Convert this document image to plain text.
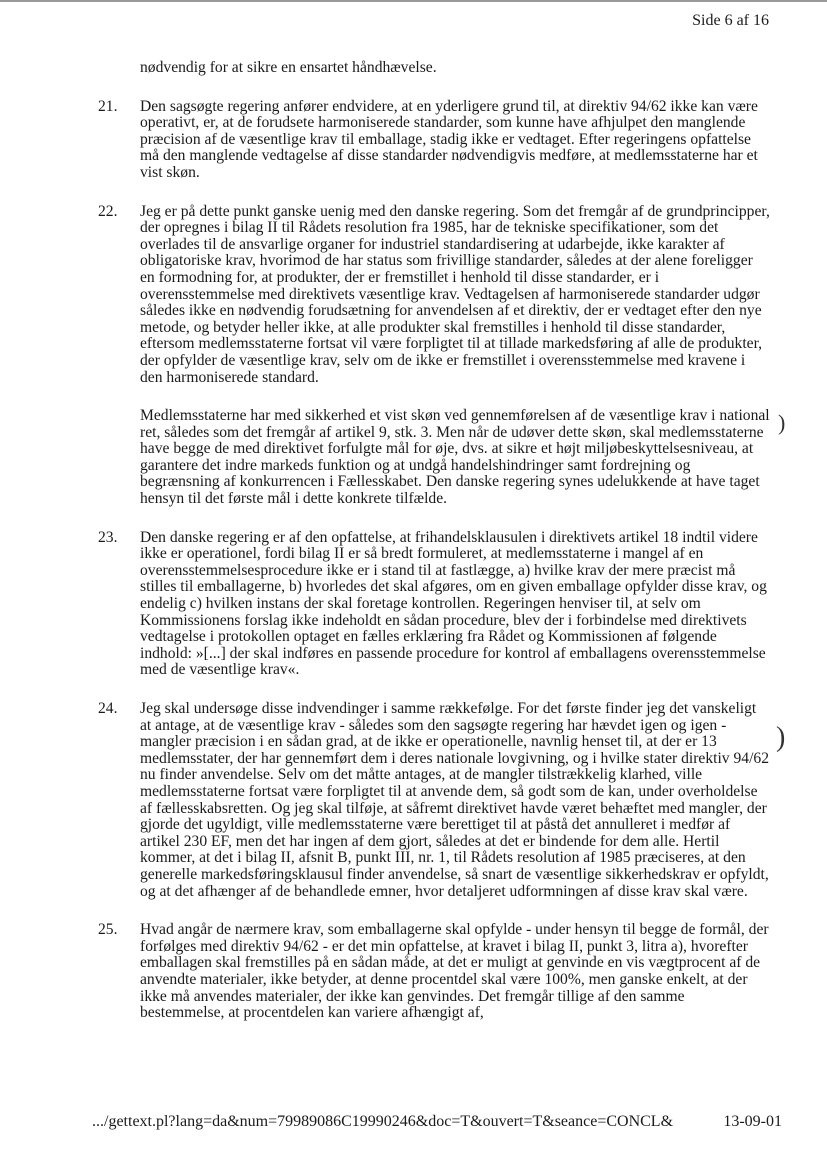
Side 6 af 16
nødvendig for at sikre en ensartet håndhævelse.
21.	Den sagsøgte regering anfører endvidere, at en yderligere grund til, at direktiv 94/62 ikke kan være operativt, er, at de forudsete harmoniserede standarder, som kunne have afhjulpet den manglende præcision af de væsentlige krav til emballage, stadig ikke er vedtaget. Efter regeringens opfattelse må den manglende vedtagelse af disse standarder nødvendigvis medføre, at medlemsstaterne har et vist skøn.

22.	Jeg er på dette punkt ganske uenig med den danske regering. Som det fremgår af de grundprincipper, der opregnes i bilag II til Rådets resolution fra 1985, har de tekniske specifikationer, som det overlades til de ansvarlige organer for industriel standardisering at udarbejde, ikke karakter af obligatoriske krav, hvorimod de har status som frivillige standarder, således at der alene foreligger en formodning for, at produkter, der er fremstillet i henhold til disse standarder, er i overensstemmelse med direktivets væsentlige krav. Vedtagelsen af harmoniserede standarder udgør således ikke en nødvendig forudsætning for anvendelsen af et direktiv, der er vedtaget efter den nye metode, og betyder heller ikke, at alle produkter skal fremstilles i henhold til disse standarder, eftersom medlemsstaterne fortsat vil være forpligtet til at tillade markedsføring af alle de produkter, der opfylder de væsentlige krav, selv om de ikke er fremstillet i overensstemmelse med kravene i den harmoniserede standard.

Medlemsstaterne har med sikkerhed et vist skøn ved gennemførelsen af de væsentlige krav i national ret, således som det fremgår af artikel 9, stk. 3. Men når de udøver dette skøn, skal medlemsstaterne have begge de med direktivet forfulgte mål for øje, dvs. at sikre et højt miljøbeskyttelsesniveau, at garantere det indre markeds funktion og at undgå handelshindringer samt fordrejning og begrænsning af konkurrencen i Fællesskabet. Den danske regering synes udelukkende at have taget hensyn til det første mål i dette konkrete tilfælde.

23.	Den danske regering er af den opfattelse, at frihandelsklausulen i direktivets artikel 18 indtil videre ikke er operationel, fordi bilag II er så bredt formuleret, at medlemsstaterne i mangel af en overensstemmelsesprocedure ikke er i stand til at fastlægge, a) hvilke krav der mere præcist må stilles til emballagerne, b) hvorledes det skal afgøres, om en given emballage opfylder disse krav, og endelig c) hvilken instans der skal foretage kontrollen. Regeringen henviser til, at selv om Kommissionens forslag ikke indeholdt en sådan procedure, blev der i forbindelse med direktivets vedtagelse i protokollen optaget en fælles erklæring fra Rådet og Kommissionen af følgende indhold: »[...] der skal indføres en passende procedure for kontrol af emballagens overensstemmelse med de væsentlige krav«.

24.	Jeg skal undersøge disse indvendinger i samme rækkefølge. For det første finder jeg det vanskeligt at antage, at de væsentlige krav - således som den sagsøgte regering har hævdet igen og igen - mangler præcision i en sådan grad, at de ikke er operationelle, navnlig henset til, at der er 13 medlemsstater, der har gennemført dem i deres nationale lovgivning, og i hvilke stater direktiv 94/62 nu finder anvendelse. Selv om det måtte antages, at de mangler tilstrækkelig klarhed, ville medlemsstaterne fortsat være forpligtet til at anvende dem, så godt som de kan, under overholdelse af fællesskabsretten. Og jeg skal tilføje, at såfremt direktivet havde været behæftet med mangler, der gjorde det ugyldigt, ville medlemsstaterne være berettiget til at påstå det annulleret i medfør af artikel 230 EF, men det har ingen af dem gjort, således at det er bindende for dem alle. Hertil kommer, at det i bilag II, afsnit B, punkt III, nr. 1, til Rådets resolution af 1985 præciseres, at den generelle markedsføringsklausul finder anvendelse, så snart de væsentlige sikkerhedskrav er opfyldt, og at det afhænger af de behandlede emner, hvor detaljeret udformningen af disse krav skal være.

25.	Hvad angår de nærmere krav, som emballagerne skal opfylde - under hensyn til begge de formål, der forfølges med direktiv 94/62 - er det min opfattelse, at kravet i bilag II, punkt 3, litra a), hvorefter emballagen skal fremstilles på en sådan måde, at det er muligt at genvinde en vis vægtprocent af de anvendte materialer, ikke betyder, at denne procentdel skal være 100%, men ganske enkelt, at der ikke må anvendes materialer, der ikke kan genvindes. Det fremgår tillige af den samme bestemmelse, at procentdelen kan variere afhængigt af,

)
)
.../gettext.pl?lang=da&num=79989086C19990246&doc=T&ouvert=T&seance=CONCL&	13-09-01
